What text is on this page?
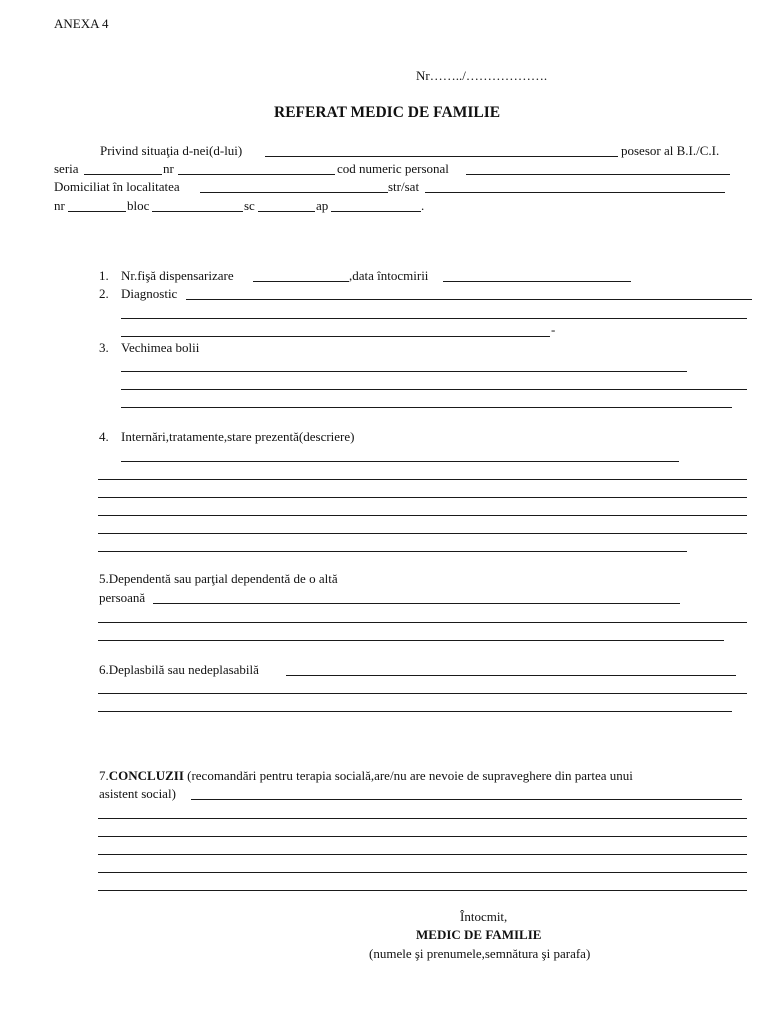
ANEXA 4
Nr……../……………….
REFERAT MEDIC DE FAMILIE
Privind situaţia d-nei(d-lui)	posesor al B.I./C.I.
seria	nr	cod numeric personal
Domiciliat în localitatea	str/sat
nr	bloc	sc	ap	.
1. Nr.fişă dispensarizare	,data întocmirii
2. Diagnostic
-
3. Vechimea bolii
4. Internări,tratamente,stare prezentă(descriere)
5.Dependentă sau parţial dependentă de o altă
persoană
6.Deplasbilă sau nedeplasabilă
7.CONCLUZII (recomandări pentru terapia socială,are/nu are nevoie de supraveghere din partea unui
asistent social)
Întocmit,
MEDIC DE FAMILIE
(numele şi prenumele,semnătura şi parafa)
